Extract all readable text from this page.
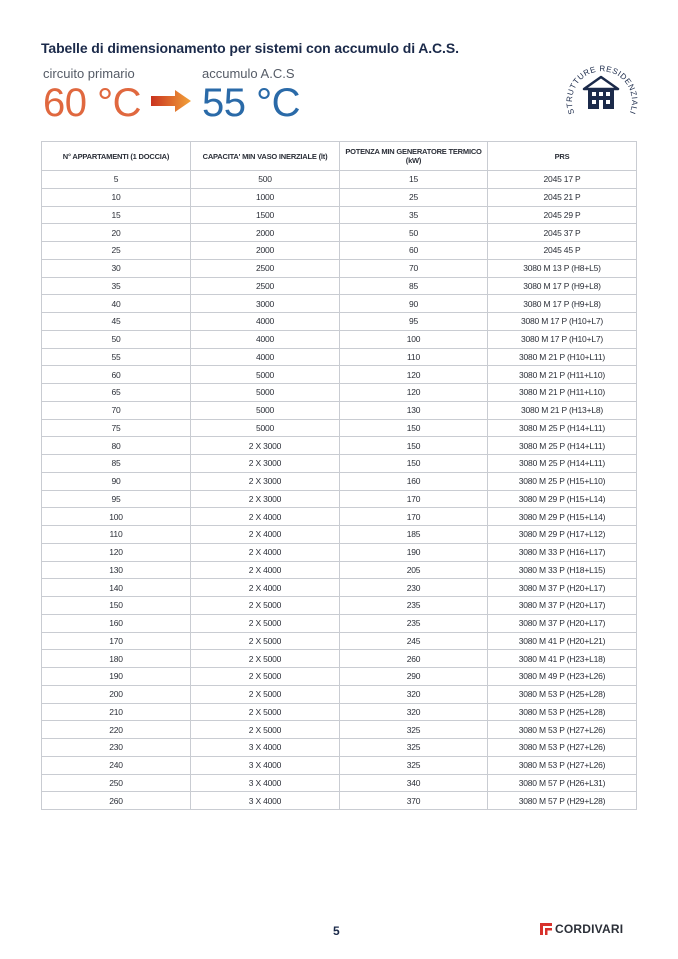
Tabelle di dimensionamento per sistemi con accumulo di A.C.S.
circuito primario
60 °C
accumulo A.C.S
55 °C	STRUTTURE RESIDENZIALI
N° APPARTAMENTI (1 DOCCIA)	CAPACITA' MIN VASO INERZIALE (lt)	POTENZA MIN GENERATORE TERMICO (kW)	PRS
5	500	15	2045 17 P
10	1000	25	2045 21 P
15	1500	35	2045 29 P
20	2000	50	2045 37 P
25	2000	60	2045 45 P
30	2500	70	3080 M 13 P (H8+L5)
35	2500	85	3080 M 17 P (H9+L8)
40	3000	90	3080 M 17 P (H9+L8)
45	4000	95	3080 M 17 P (H10+L7)
50	4000	100	3080 M 17 P (H10+L7)
55	4000	110	3080 M 21 P (H10+L11)
60	5000	120	3080 M 21 P (H11+L10)
65	5000	120	3080 M 21 P (H11+L10)
70	5000	130	3080 M 21 P (H13+L8)
75	5000	150	3080 M 25 P (H14+L11)
80	2 X 3000	150	3080 M 25 P (H14+L11)
85	2 X 3000	150	3080 M 25 P (H14+L11)
90	2 X 3000	160	3080 M 25 P (H15+L10)
95	2 X 3000	170	3080 M 29 P (H15+L14)
100	2 X 4000	170	3080 M 29 P (H15+L14)
110	2 X 4000	185	3080 M 29 P (H17+L12)
120	2 X 4000	190	3080 M 33 P (H16+L17)
130	2 X 4000	205	3080 M 33 P (H18+L15)
140	2 X 4000	230	3080 M 37 P (H20+L17)
150	2 X 5000	235	3080 M 37 P (H20+L17)
160	2 X 5000	235	3080 M 37 P (H20+L17)
170	2 X 5000	245	3080 M 41 P (H20+L21)
180	2 X 5000	260	3080 M 41 P (H23+L18)
190	2 X 5000	290	3080 M 49 P (H23+L26)
200	2 X 5000	320	3080 M 53 P (H25+L28)
210	2 X 5000	320	3080 M 53 P (H25+L28)
220	2 X 5000	325	3080 M 53 P (H27+L26)
230	3 X 4000	325	3080 M 53 P (H27+L26)
240	3 X 4000	325	3080 M 53 P (H27+L26)
250	3 X 4000	340	3080 M 57 P (H26+L31)
260	3 X 4000	370	3080 M 57 P (H29+L28)
5	CORDIVARI
